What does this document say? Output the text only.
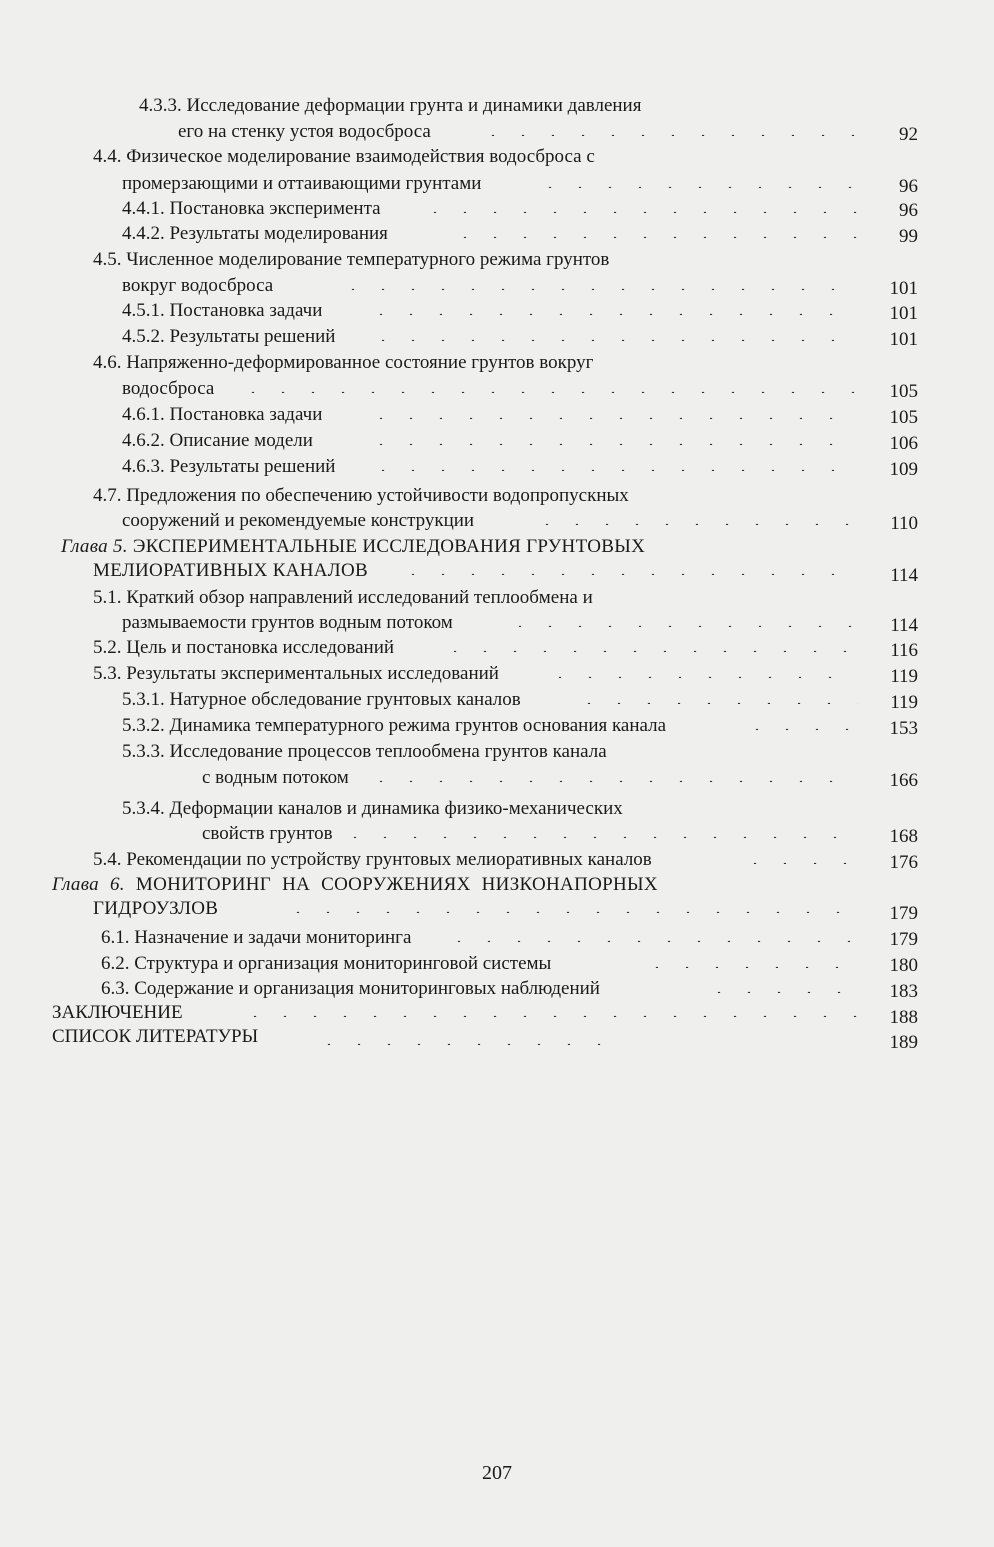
4.3.3. Исследование деформации грунта и динамики давления
его на стенку устоя водосброса	92
4.4. Физическое моделирование взаимодействия водосброса с
промерзающими и оттаивающими грунтами	96
4.4.1. Постановка эксперимента	96
4.4.2. Результаты моделирования	99
4.5. Численное моделирование температурного режима грунтов
вокруг водосброса	101
4.5.1. Постановка задачи	101
4.5.2. Результаты решений	101
4.6. Напряженно-деформированное состояние грунтов вокруг
водосброса	105
4.6.1. Постановка задачи	105
4.6.2. Описание модели	106
4.6.3. Результаты решений	109
4.7. Предложения по обеспечению устойчивости водопропускных
сооружений и рекомендуемые конструкции	110
Глава 5. ЭКСПЕРИМЕНТАЛЬНЫЕ ИССЛЕДОВАНИЯ ГРУНТОВЫХ
МЕЛИОРАТИВНЫХ КАНАЛОВ	114
5.1. Краткий обзор направлений исследований теплообмена и
размываемости грунтов водным потоком	114
5.2. Цель и постановка исследований	116
5.3. Результаты экспериментальных исследований	119
5.3.1. Натурное обследование грунтовых каналов	119
5.3.2. Динамика температурного режима грунтов основания канала	153
5.3.3. Исследование процессов теплообмена грунтов канала
с водным потоком	166
5.3.4. Деформации каналов и динамика физико-механических
свойств грунтов	168
5.4. Рекомендации по устройству грунтовых мелиоративных каналов	176
Глава 6. МОНИТОРИНГ НА СООРУЖЕНИЯХ НИЗКОНАПОРНЫХ
ГИДРОУЗЛОВ	179
6.1. Назначение и задачи мониторинга	179
6.2. Структура и организация мониторинговой системы	180
6.3. Содержание и организация мониторинговых наблюдений	183
ЗАКЛЮЧЕНИЕ	188
СПИСОК ЛИТЕРАТУРЫ	189
207
